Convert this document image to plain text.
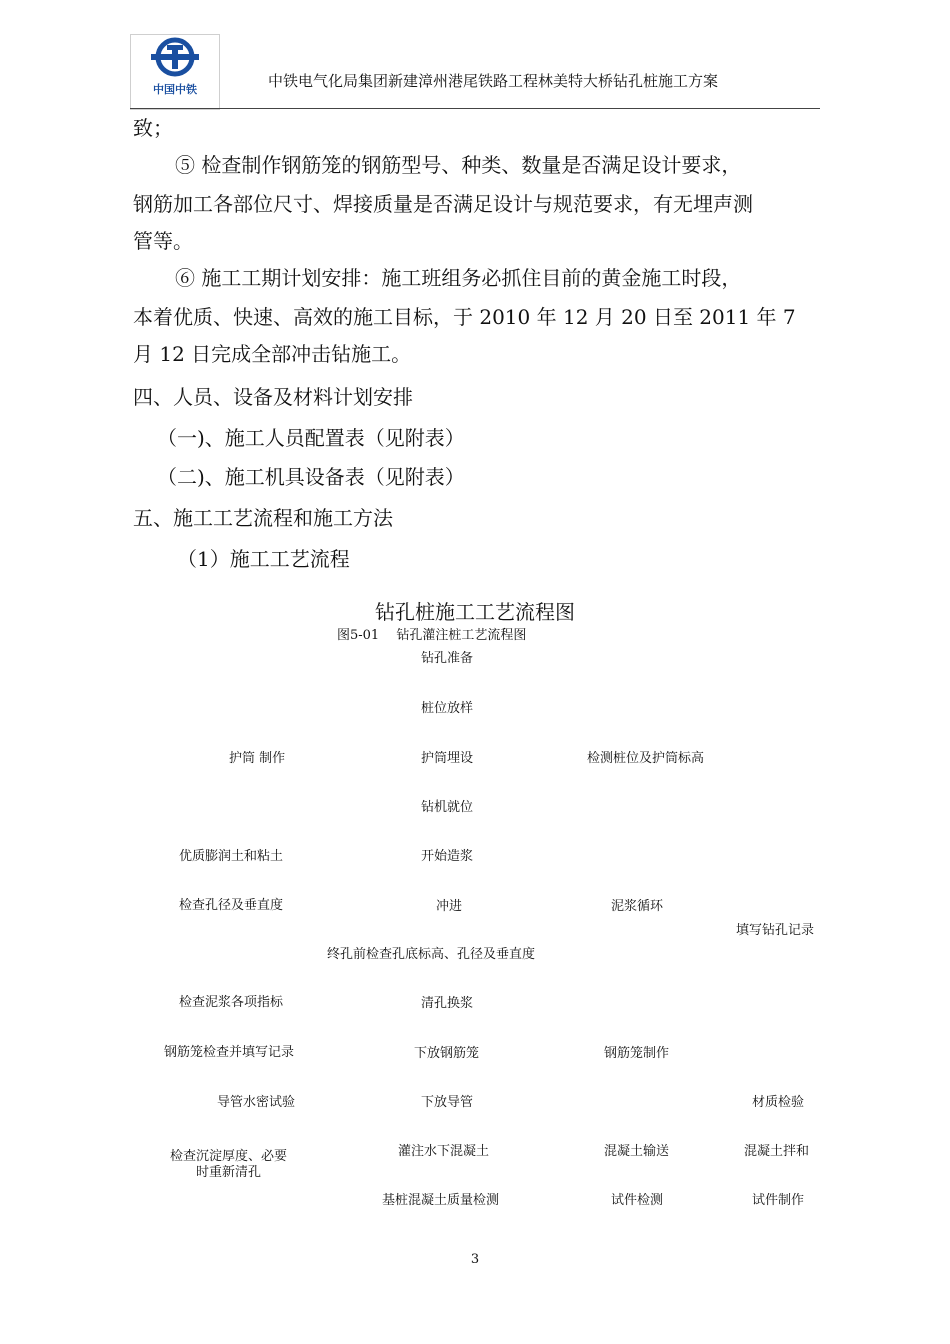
中国中铁	中铁电气化局集团新建漳州港尾铁路工程林美特大桥钻孔桩施工方案
致；
⑤ 检查制作钢筋笼的钢筋型号、种类、数量是否满足设计要求，
钢筋加工各部位尺寸、焊接质量是否满足设计与规范要求，有无埋声测
管等。
⑥ 施工工期计划安排：施工班组务必抓住目前的黄金施工时段，
本着优质、快速、高效的施工目标，于 2010 年 12 月 20 日至 2011 年 7
月 12 日完成全部冲击钻施工。
四、人员、设备及材料计划安排
（一)、施工人员配置表（见附表）
（二)、施工机具设备表（见附表）
五、施工工艺流程和施工方法
（1）施工工艺流程
钻孔桩施工工艺流程图
图5-01　 钻孔灌注桩工艺流程图
钻孔准备
桩位放样
护筒 制作	护筒埋设	检测桩位及护筒标高
钻机就位
优质膨润土和粘土	开始造浆
检查孔径及垂直度	冲进	泥浆循环
填写钻孔记录
终孔前检查孔底标高、孔径及垂直度
检查泥浆各项指标	清孔换浆
钢筋笼检查并填写记录	下放钢筋笼	钢筋笼制作
导管水密试验	下放导管	材质检验
检查沉淀厚度、必要
时重新清孔
灌注水下混凝土	混凝土输送	混凝土拌和
基桩混凝土质量检测	试件检测	试件制作
3
